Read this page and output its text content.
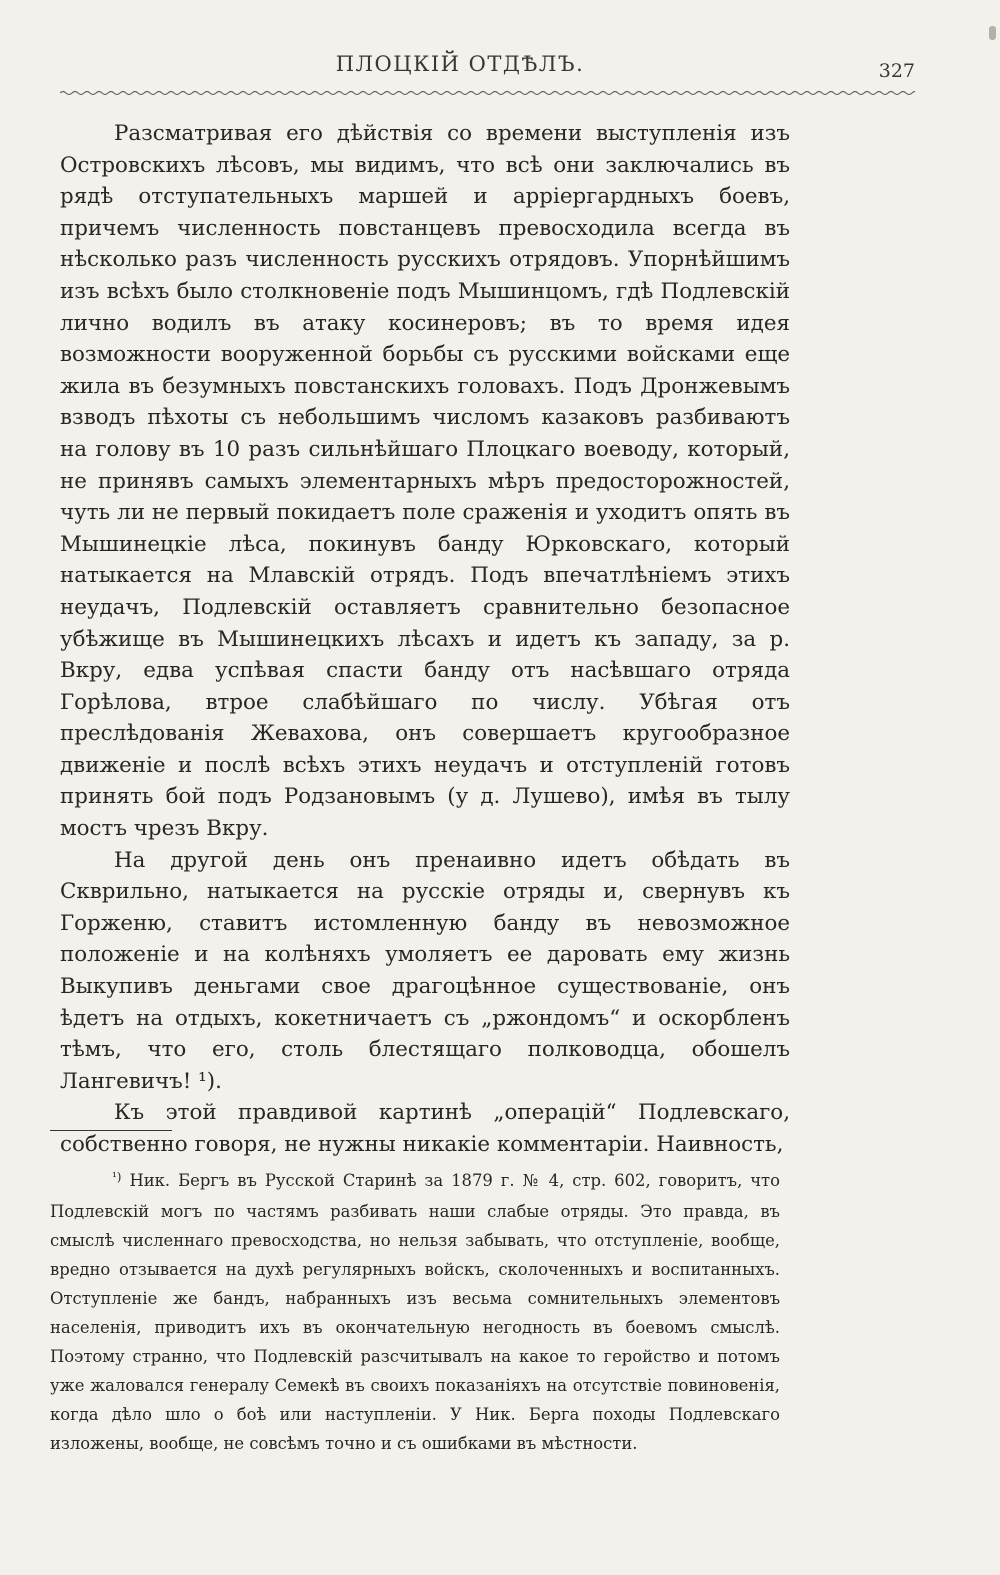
ПЛОЦКІЙ ОТДѢЛЪ.	327

Разсматривая его дѣйствія со времени выступленія изъ Островскихъ лѣсовъ, мы видимъ, что всѣ они заключались въ рядѣ отступательныхъ маршей и арріергардныхъ боевъ, причемъ численность повстанцевъ превосходила всегда въ нѣсколько разъ численность русскихъ отрядовъ. Упорнѣйшимъ изъ всѣхъ было столкновеніе подъ Мышинцомъ, гдѣ Подлевскій лично водилъ въ атаку косинеровъ; въ то время идея возможности вооруженной борьбы съ русскими войсками еще жила въ безумныхъ повстанскихъ головахъ. Подъ Дронжевымъ взводъ пѣхоты съ небольшимъ числомъ казаковъ разбиваютъ на голову въ 10 разъ сильнѣйшаго Плоцкаго воеводу, который, не принявъ самыхъ элементарныхъ мѣръ предосторожностей, чуть ли не первый покидаетъ поле сраженія и уходитъ опять въ Мышинецкіе лѣса, покинувъ банду Юрковскаго, который натыкается на Млавскій отрядъ. Подъ впечатлѣніемъ этихъ неудачъ, Подлевскій оставляетъ сравнительно безопасное убѣжище въ Мышинецкихъ лѣсахъ и идетъ къ западу, за р. Вкру, едва успѣвая спасти банду отъ насѣвшаго отряда Горѣлова, втрое слабѣйшаго по числу. Убѣгая отъ преслѣдованія Жевахова, онъ совершаетъ кругообразное движеніе и послѣ всѣхъ этихъ неудачъ и отступленій готовъ принять бой подъ Родзановымъ (у д. Лушево), имѣя въ тылу мостъ чрезъ Вкру.

На другой день онъ пренаивно идетъ обѣдать въ Скврильно, натыкается на русскіе отряды и, свернувъ къ Горженю, ставитъ истомленную банду въ невозможное положеніе и на колѣняхъ умоляетъ ее даровать ему жизнь Выкупивъ деньгами свое драгоцѣнное существованіе, онъ ѣдетъ на отдыхъ, кокетничаетъ съ „ржондомъ“ и оскорбленъ тѣмъ, что его, столь блестящаго полководца, обошелъ Лангевичъ! ¹).

Къ этой правдивой картинѣ „операцій“ Подлевскаго, собственно говоря, не нужны никакіе комментаріи. Наивность,

$^{^1)}$ Ник. Бергъ въ Русской Старинѣ за 1879 г. № 4, стр. 602, говоритъ, что Подлевскій могъ по частямъ разбивать наши слабые отряды. Это правда, въ смыслѣ численнаго превосходства, но нельзя забывать, что отступленіе, вообще, вредно отзывается на духѣ регулярныхъ войскъ, сколоченныхъ и воспитанныхъ. Отступленіе же бандъ, набранныхъ изъ весьма сомнительныхъ элементовъ населенія, приводитъ ихъ въ окончательную негодность въ боевомъ смыслѣ. Поэтому странно, что Подлевскій разсчитывалъ на какое то геройство и потомъ уже жаловался генералу Семекѣ въ своихъ показаніяхъ на отсутствіе повиновенія, когда дѣло шло о боѣ или наступленіи. У Ник. Берга походы Подлевскаго изложены, вообще, не совсѣмъ точно и съ ошибками въ мѣстности.
